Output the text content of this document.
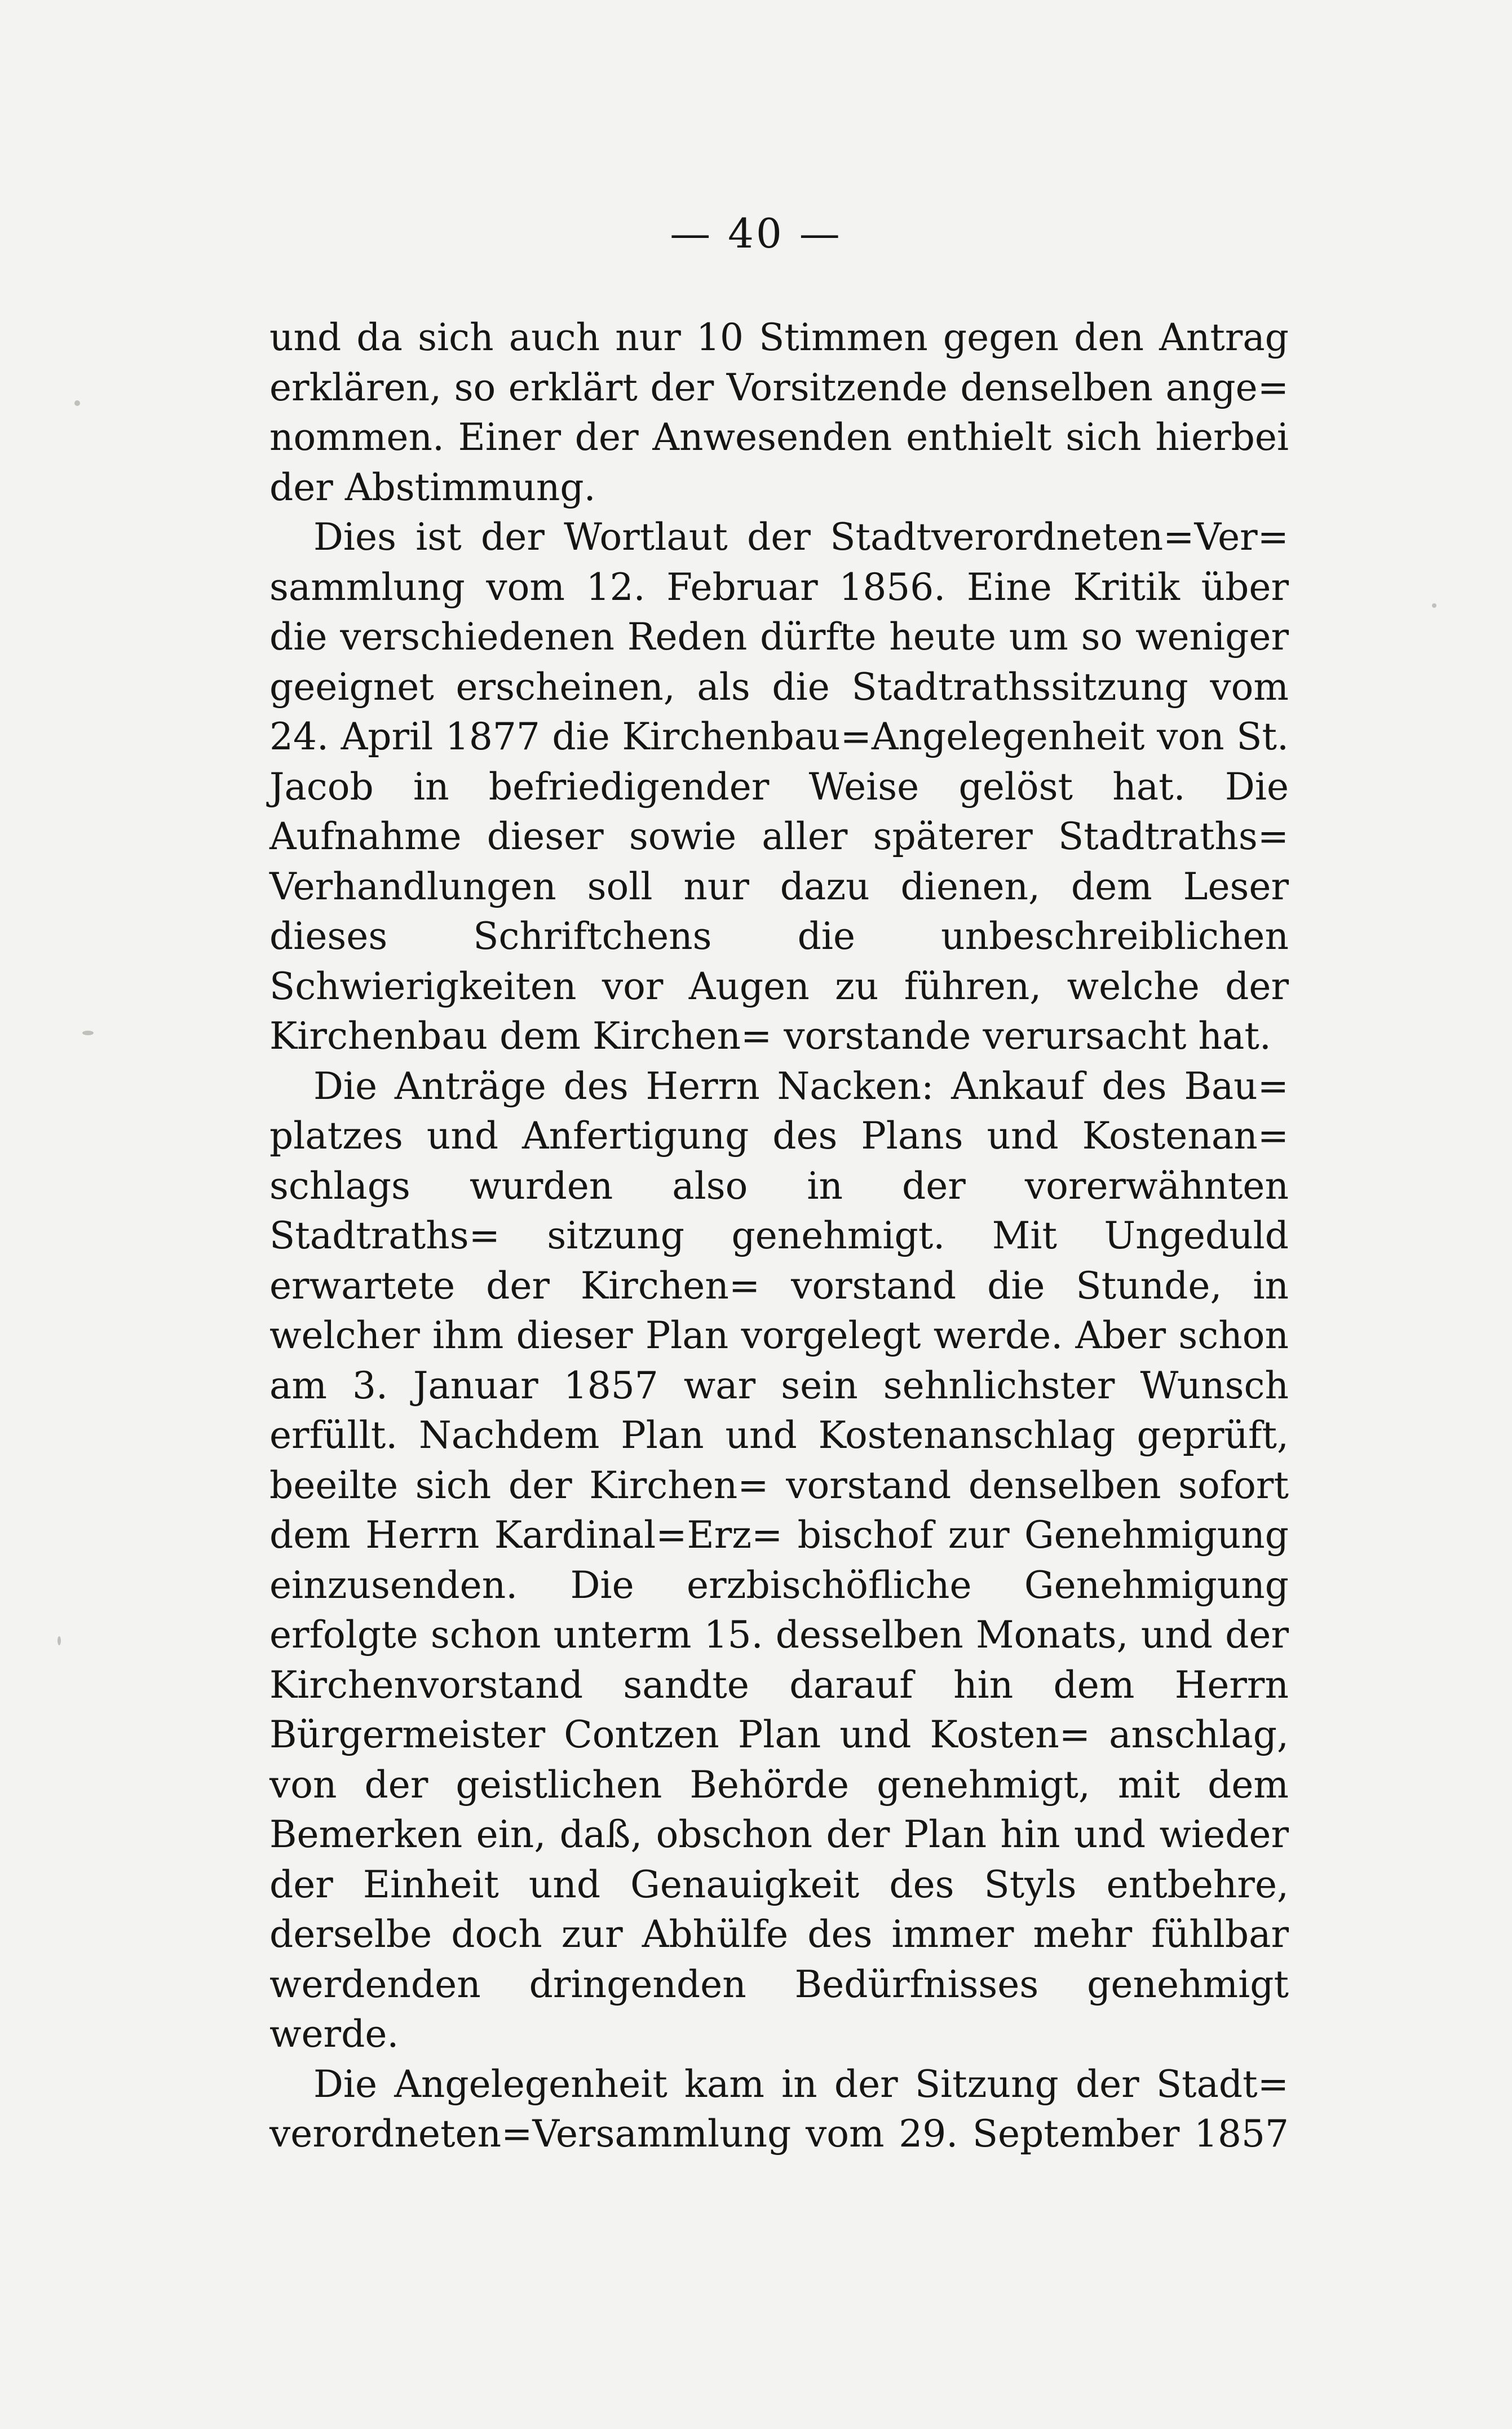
— 40 —

und da sich auch nur 10 Stimmen gegen den Antrag erklären, so erklärt der Vorsitzende denselben ange= nommen. Einer der Anwesenden enthielt sich hierbei der Abstimmung.

Dies ist der Wortlaut der Stadtverordneten=Ver= sammlung vom 12. Februar 1856. Eine Kritik über die verschiedenen Reden dürfte heute um so weniger geeignet erscheinen, als die Stadtrathssitzung vom 24. April 1877 die Kirchenbau=Angelegenheit von St. Jacob in befriedigender Weise gelöst hat. Die Aufnahme dieser sowie aller späterer Stadtraths= Verhandlungen soll nur dazu dienen, dem Leser dieses Schriftchens die unbeschreiblichen Schwierigkeiten vor Augen zu führen, welche der Kirchenbau dem Kirchen= vorstande verursacht hat.

Die Anträge des Herrn Nacken: Ankauf des Bau= platzes und Anfertigung des Plans und Kostenan= schlags wurden also in der vorerwähnten Stadtraths= sitzung genehmigt. Mit Ungeduld erwartete der Kirchen= vorstand die Stunde, in welcher ihm dieser Plan vorgelegt werde. Aber schon am 3. Januar 1857 war sein sehnlichster Wunsch erfüllt. Nachdem Plan und Kostenanschlag geprüft, beeilte sich der Kirchen= vorstand denselben sofort dem Herrn Kardinal=Erz= bischof zur Genehmigung einzusenden. Die erzbischöfliche Genehmigung erfolgte schon unterm 15. desselben Monats, und der Kirchenvorstand sandte darauf hin dem Herrn Bürgermeister Contzen Plan und Kosten= anschlag, von der geistlichen Behörde genehmigt, mit dem Bemerken ein, daß, obschon der Plan hin und wieder der Einheit und Genauigkeit des Styls entbehre, derselbe doch zur Abhülfe des immer mehr fühlbar werdenden dringenden Bedürfnisses genehmigt werde.

Die Angelegenheit kam in der Sitzung der Stadt= verordneten=Versammlung vom 29. September 1857
